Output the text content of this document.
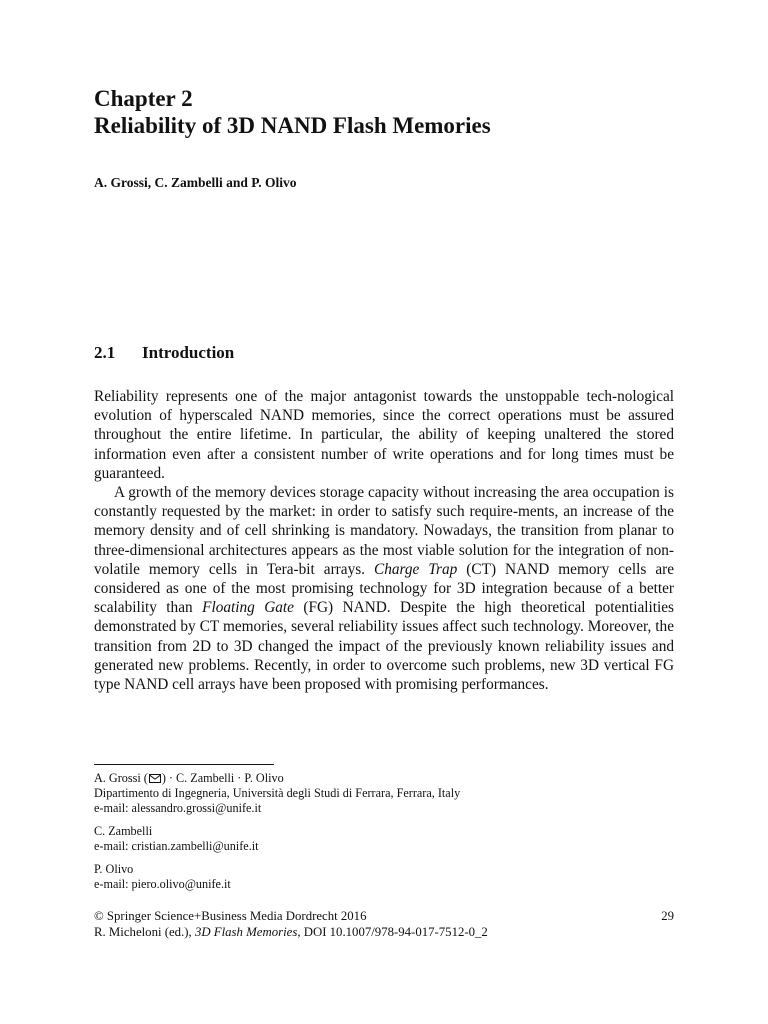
Chapter 2
Reliability of 3D NAND Flash Memories
A. Grossi, C. Zambelli and P. Olivo
2.1 Introduction

Reliability represents one of the major antagonist towards the unstoppable tech-nological evolution of hyperscaled NAND memories, since the correct operations must be assured throughout the entire lifetime. In particular, the ability of keeping unaltered the stored information even after a consistent number of write operations and for long times must be guaranteed.

A growth of the memory devices storage capacity without increasing the area occupation is constantly requested by the market: in order to satisfy such require-ments, an increase of the memory density and of cell shrinking is mandatory. Nowadays, the transition from planar to three-dimensional architectures appears as the most viable solution for the integration of non-volatile memory cells in Tera-bit arrays. Charge Trap (CT) NAND memory cells are considered as one of the most promising technology for 3D integration because of a better scalability than Floating Gate (FG) NAND. Despite the high theoretical potentialities demonstrated by CT memories, several reliability issues affect such technology. Moreover, the transition from 2D to 3D changed the impact of the previously known reliability issues and generated new problems. Recently, in order to overcome such problems, new 3D vertical FG type NAND cell arrays have been proposed with promising performances.

A. Grossi ( ) · C. Zambelli · P. Olivo
Dipartimento di Ingegneria, Università degli Studi di Ferrara, Ferrara, Italy
e-mail: alessandro.grossi@unife.it
C. Zambelli
e-mail: cristian.zambelli@unife.it
P. Olivo
e-mail: piero.olivo@unife.it
© Springer Science+Business Media Dordrecht 2016	29
R. Micheloni (ed.), 3D Flash Memories, DOI 10.1007/978-94-017-7512-0_2
